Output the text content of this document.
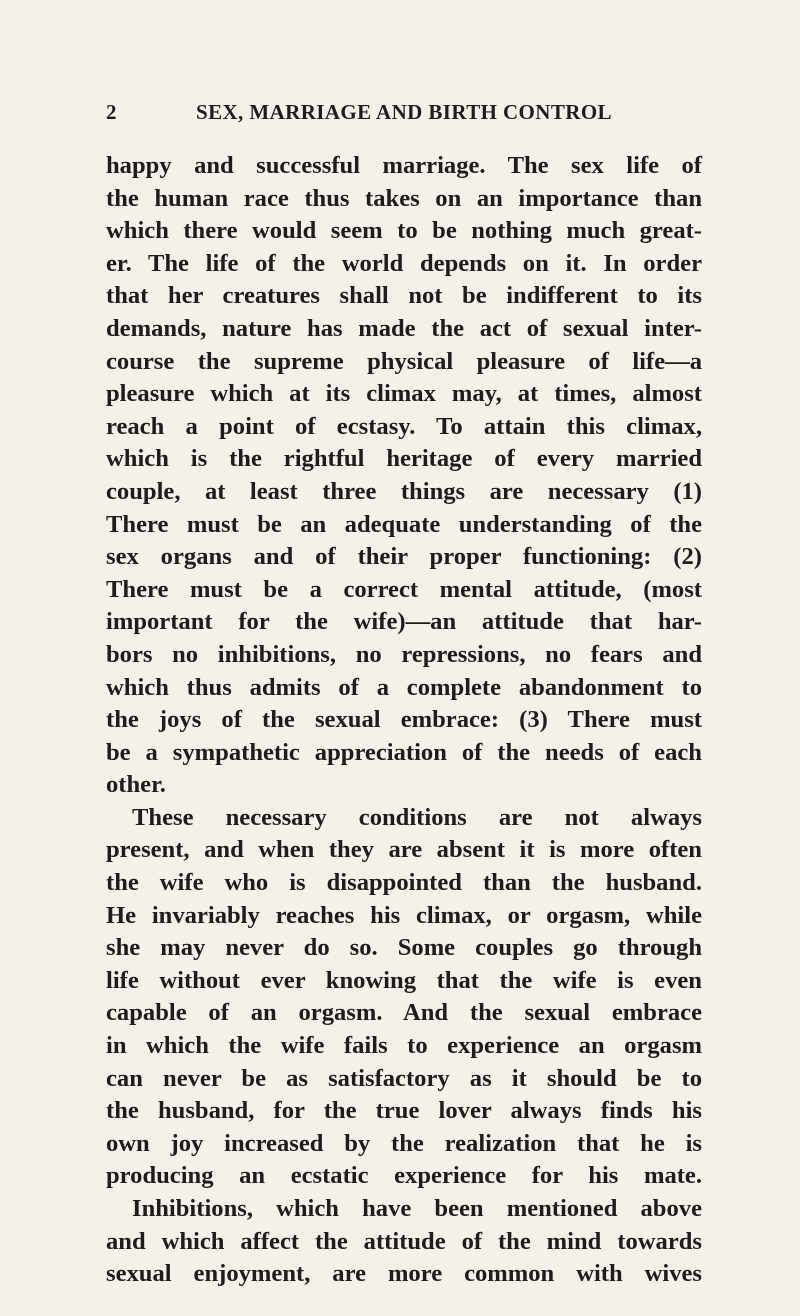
2	SEX, MARRIAGE AND BIRTH CONTROL
happy and successful marriage. The sex life of
the human race thus takes on an importance than
which there would seem to be nothing much great-
er. The life of the world depends on it. In order
that her creatures shall not be indifferent to its
demands, nature has made the act of sexual inter-
course the supreme physical pleasure of life—a
pleasure which at its climax may, at times, almost
reach a point of ecstasy. To attain this climax,
which is the rightful heritage of every married
couple, at least three things are necessary (1)
There must be an adequate understanding of the
sex organs and of their proper functioning: (2)
There must be a correct mental attitude, (most
important for the wife)—an attitude that har-
bors no inhibitions, no repressions, no fears and
which thus admits of a complete abandonment to
the joys of the sexual embrace: (3) There must
be a sympathetic appreciation of the needs of each
other.
These necessary conditions are not always
present, and when they are absent it is more often
the wife who is disappointed than the husband.
He invariably reaches his climax, or orgasm, while
she may never do so. Some couples go through
life without ever knowing that the wife is even
capable of an orgasm. And the sexual embrace
in which the wife fails to experience an orgasm
can never be as satisfactory as it should be to
the husband, for the true lover always finds his
own joy increased by the realization that he is
producing an ecstatic experience for his mate.
Inhibitions, which have been mentioned above
and which affect the attitude of the mind towards
sexual enjoyment, are more common with wives
